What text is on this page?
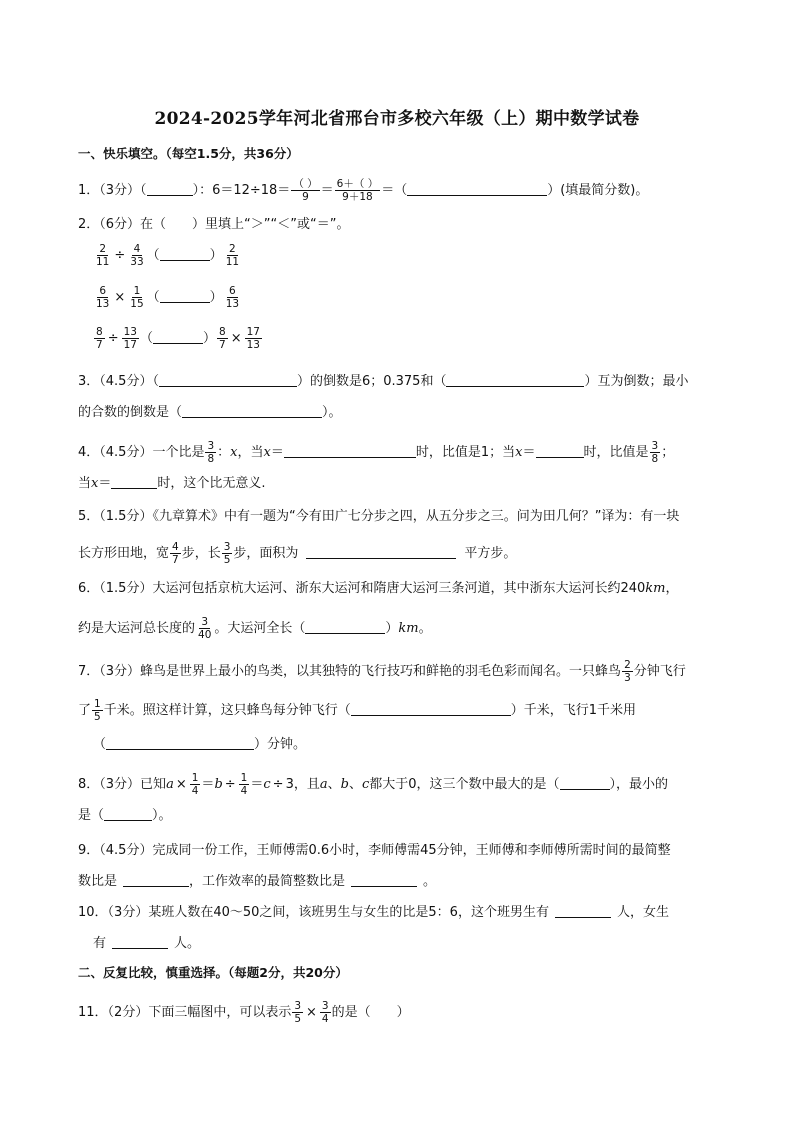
2024-2025学年河北省邢台市多校六年级（上）期中数学试卷
一、快乐填空。（每空1.5分，共36分）
1．（3分）（	）：$6=12\div 18= \frac{( )}{9} = \frac{6+( )}{9+18}$ ＝（	）(填最简分数)。
2．（6分）在（　　）里填上“＞”“＜”或“＝”。
$\frac{2}{11} \div \frac{4}{33}$ （	） $\frac{2}{11}$
$\frac{6}{13} \times \frac{1}{15}$ （	） $\frac{6}{13}$
$\frac{8}{7} \div \frac{13}{17}$ （	） $\frac{8}{7} \times \frac{17}{13}$
3．（4.5分）（	）的倒数是6；0.375和（	）互为倒数；最小
的合数的倒数是（	）。
4．（4.5分）一个比是 $\frac{3}{8}$ ：x，当x＝	时，比值是1；当x＝	时，比值是 $\frac{3}{8}$ ；
当x＝	时，这个比无意义.
5．（1.5分）《九章算术》中有一题为“今有田广七分步之四，从五分步之三。问为田几何？”译为：有一块
长方形田地，宽 $\frac{4}{7}$ 步，长 $\frac{3}{5}$ 步，面积为	平方步。
6．（1.5分）大运河包括京杭大运河、浙东大运河和隋唐大运河三条河道，其中浙东大运河长约240km，
约是大运河总长度的 $\frac{3}{40}$ 。大运河全长（	）km。
7．（3分）蜂鸟是世界上最小的鸟类，以其独特的飞行技巧和鲜艳的羽毛色彩而闻名。一只蜂鸟 $\frac{2}{3}$ 分钟飞行
了 $\frac{1}{5}$ 千米。照这样计算，这只蜂鸟每分钟飞行（	）千米，飞行1千米用
（	）分钟。
8．（3分）已知$a \times \frac{1}{4} =b \div \frac{1}{4} =c \div 3$，且a、b、c都大于0，这三个数中最大的是（	），最小的
是（	）。
9．（4.5分）完成同一份工作，王师傅需0.6小时，李师傅需45分钟，王师傅和李师傅所需时间的最简整
数比是	，工作效率的最简整数比是	。
10．（3分）某班人数在40～50之间，该班男生与女生的比是5：6，这个班男生有	人，女生
有	人。
二、反复比较，慎重选择。（每题2分，共20分）
11．（2分）下面三幅图中，可以表示 $\frac{3}{5} \times \frac{3}{4}$ 的是（　　）
